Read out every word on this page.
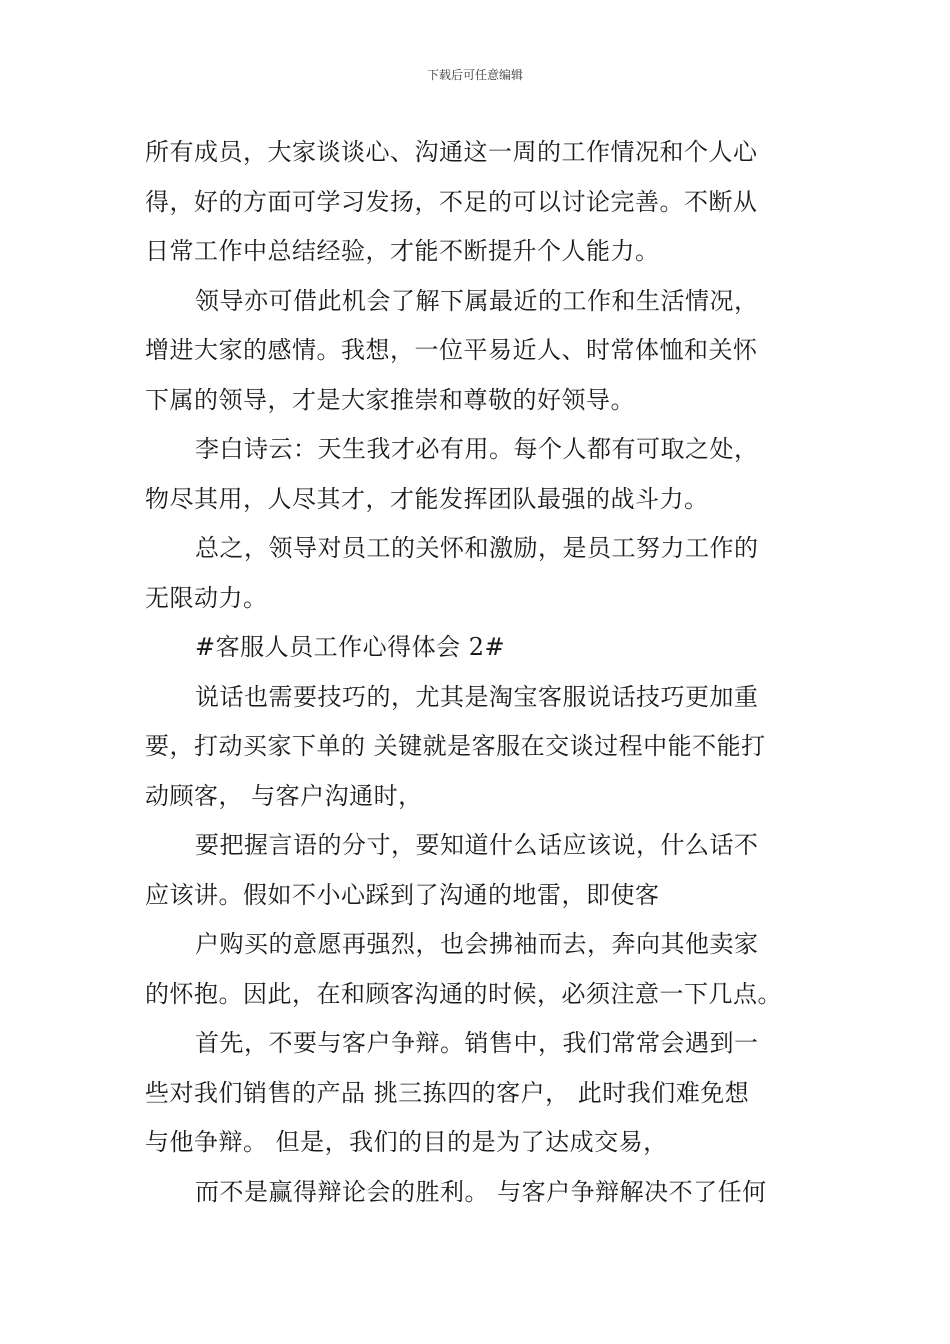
下载后可任意编辑
所有成员，大家谈谈心、沟通这一周的工作情况和个人心
得，好的方面可学习发扬，不足的可以讨论完善。不断从
日常工作中总结经验，才能不断提升个人能力。
领导亦可借此机会了解下属最近的工作和生活情况，
增进大家的感情。我想，一位平易近人、时常体恤和关怀
下属的领导，才是大家推崇和尊敬的好领导。
李白诗云：天生我才必有用。每个人都有可取之处，
物尽其用，人尽其才，才能发挥团队最强的战斗力。
总之，领导对员工的关怀和激励，是员工努力工作的
无限动力。
#客服人员工作心得体会 2#
说话也需要技巧的，尤其是淘宝客服说话技巧更加重
要，打动买家下单的 关键就是客服在交谈过程中能不能打
动顾客， 与客户沟通时，
要把握言语的分寸，要知道什么话应该说，什么话不
应该讲。假如不小心踩到了沟通的地雷，即使客
户购买的意愿再强烈，也会拂袖而去，奔向其他卖家
的怀抱。因此，在和顾客沟通的时候，必须注意一下几点。
首先，不要与客户争辩。销售中，我们常常会遇到一
些对我们销售的产品 挑三拣四的客户， 此时我们难免想
与他争辩。 但是，我们的目的是为了达成交易，
而不是赢得辩论会的胜利。 与客户争辩解决不了任何
